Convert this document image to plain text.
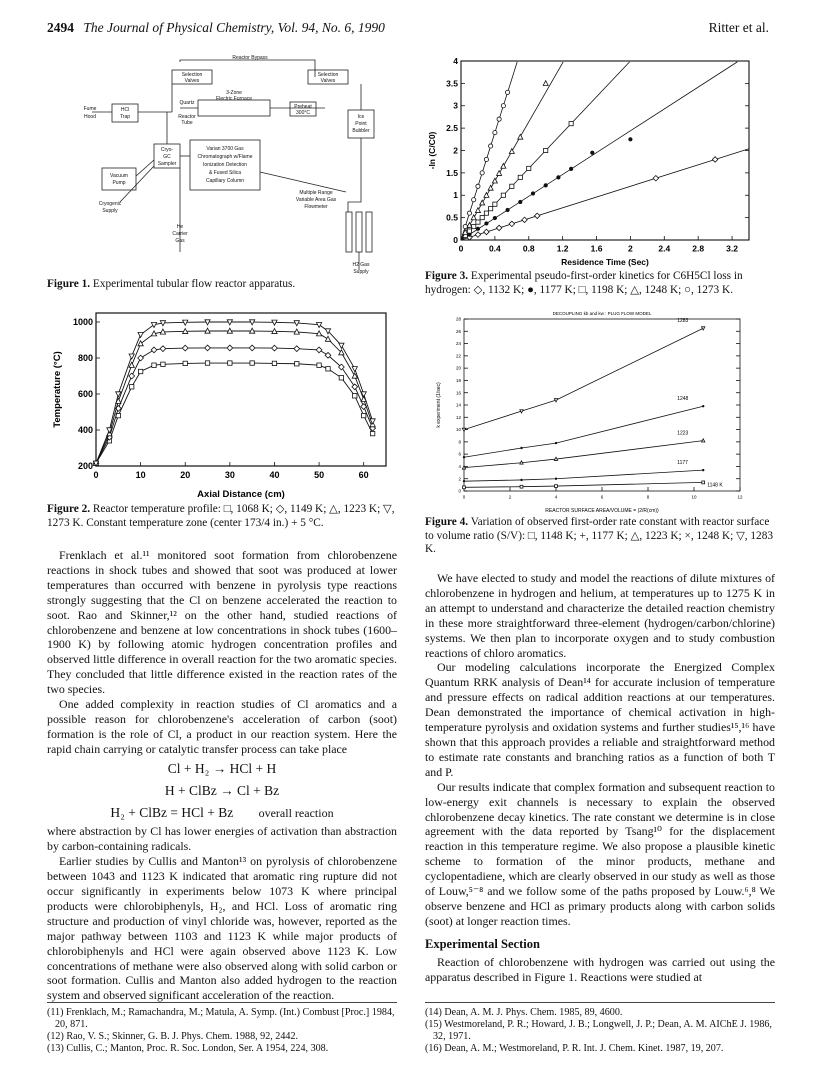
2494 The Journal of Physical Chemistry, Vol. 94, No. 6, 1990	Ritter et al.
Reactor Bypass
Selection
Valves
Selection
Valves
3-Zone
Electric Furnace
Quartz
Reactor
Tube
Preheat
300°C
Ice
Point
Bubbler
Fume
Hood
HCl
Trap
Cryo-
GC
Sampler
Vacuum
Pump
Varian 3700 Gas
Chromatograph w/Flame
Ionization Detection
& Fused Silica
Capillary Column
Cryogenic
Supply
He
Carrier
Gas
Multiple Range
Variable Area Gas
Flowmeter
H2 Gas
Supply
Figure 1. Experimental tubular flow reactor apparatus.
0	10	20	30	40	50	60
200
400
600
800
1000
Axial Distance (cm)
Temperature (°C)
Figure 2. Reactor temperature profile: □, 1068 K; ◇, 1149 K; △, 1223 K; ▽, 1273 K. Constant temperature zone (center 173/4 in.) + 5 °C.
0	0.4	0.8	1.2	1.6	2	2.4	2.8	3.2
0
0.5
1
1.5
2
2.5
3
3.5
4
Residence Time (Sec)
-ln (C/C0)
Figure 3. Experimental pseudo-first-order kinetics for C6H5Cl loss in hydrogen: ◇, 1132 K; ●, 1177 K; □, 1198 K; △, 1248 K; ○, 1273 K.
0	2	4	6	8	10	12
0
2
4
6
8
10
12
14
16
18
20
22
24
26
28
REACTOR SURFACE AREA/VOLUME = (2/R(cm))
k experiment (1/sec)
DECOUPLING kb and kw : PLUG FLOW MODEL
1283
1248
1223
1177
1148 K
Figure 4. Variation of observed first-order rate constant with reactor surface to volume ratio (S/V): □, 1148 K; +, 1177 K; △, 1223 K; ×, 1248 K; ▽, 1283 K.

Frenklach et al.¹¹ monitored soot formation from chlorobenzene reactions in shock tubes and showed that soot was produced at lower temperatures than occurred with benzene in pyrolysis type reactions strongly suggesting that the Cl on benzene accelerated the reaction to soot. Rao and Skinner,¹² on the other hand, studied reactions of chlorobenzene and benzene at low concentrations in shock tubes (1600–1900 K) by following atomic hydrogen concentration profiles and observed little difference in overall reaction for the two aromatic species. They concluded that little difference existed in the reaction rates of the two species.

One added complexity in reaction studies of Cl aromatics and a possible reason for chlorobenzene's acceleration of carbon (soot) formation is the role of Cl, a product in our reaction system. Here the rapid chain carrying or catalytic transfer process can take place

Cl + H₂ → HCl + H
H + ClBz → Cl + Bz
H₂ + ClBz = HCl + Bz overall reaction

where abstraction by Cl has lower energies of activation than abstraction by carbon-containing radicals.

Earlier studies by Cullis and Manton¹³ on pyrolysis of chlorobenzene between 1043 and 1123 K indicated that aromatic ring rupture did not occur significantly in experiments below 1073 K where principal products were chlorobiphenyls, H₂, and HCl. Loss of aromatic ring structure and production of vinyl chloride was, however, reported as the major pathway between 1103 and 1123 K while major products of chlorobiphenyls and HCl were again observed above 1123 K. Low concentrations of methane were also observed along with solid carbon or soot formation. Cullis and Manton also added hydrogen to the reaction system and observed significant acceleration of the reaction.

We have elected to study and model the reactions of dilute mixtures of chlorobenzene in hydrogen and helium, at temperatures up to 1275 K in an attempt to understand and characterize the detailed reaction chemistry in these more straightforward three-element (hydrogen/carbon/chlorine) systems. We then plan to incorporate oxygen and to study combustion reactions of chloro aromatics.

Our modeling calculations incorporate the Energized Complex Quantum RRK analysis of Dean¹⁴ for accurate inclusion of temperature and pressure effects on radical addition reactions at our temperatures. Dean demonstrated the importance of chemical activation in high-temperature pyrolysis and oxidation systems and further studies¹⁵,¹⁶ have shown that this approach provides a reliable and straightforward method to estimate rate constants and branching ratios as a function of both T and P.

Our results indicate that complex formation and subsequent reaction to low-energy exit channels is necessary to explain the observed chlorobenzene decay kinetics. The rate constant we determine is in close agreement with the data reported by Tsang¹⁰ for the displacement reaction in this temperature regime. We also propose a plausible kinetic scheme to formation of the minor products, methane and cyclopentadiene, which are clearly observed in our study as well as those of Louw,⁵⁻⁸ and we follow some of the paths proposed by Louw.⁶,⁸ We observe benzene and HCl as primary products along with carbon solids (soot) at longer reaction times.

Experimental Section

Reaction of chlorobenzene with hydrogen was carried out using the apparatus described in Figure 1. Reactions were studied at

(11) Frenklach, M.; Ramachandra, M.; Matula, A. Symp. (Int.) Combust [Proc.] 1984, 20, 871.

(12) Rao, V. S.; Skinner, G. B. J. Phys. Chem. 1988, 92, 2442.

(13) Cullis, C.; Manton, Proc. R. Soc. London, Ser. A 1954, 224, 308.

(14) Dean, A. M. J. Phys. Chem. 1985, 89, 4600.

(15) Westmoreland, P. R.; Howard, J. B.; Longwell, J. P.; Dean, A. M. AIChE J. 1986, 32, 1971.

(16) Dean, A. M.; Westmoreland, P. R. Int. J. Chem. Kinet. 1987, 19, 207.
